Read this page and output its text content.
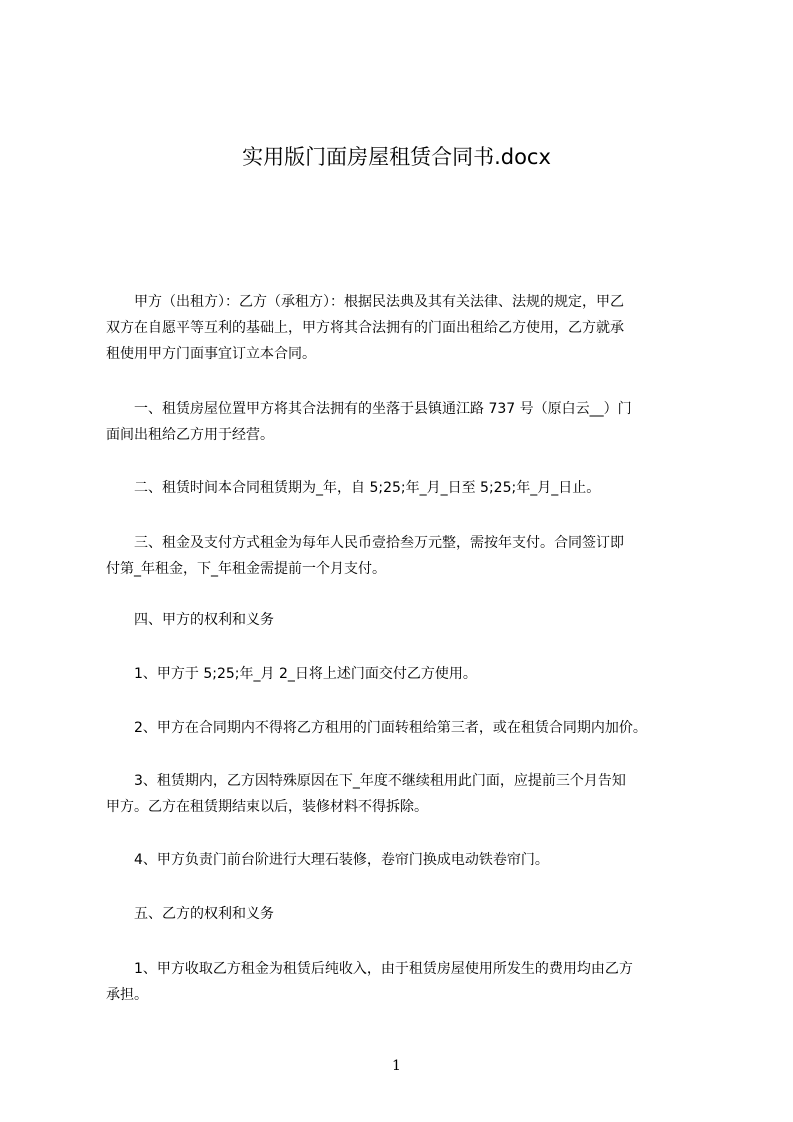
实用版门面房屋租赁合同书.docx
　　甲方（出租方）：乙方（承租方）：根据民法典及其有关法律、法规的规定，甲乙
双方在自愿平等互利的基础上，甲方将其合法拥有的门面出租给乙方使用，乙方就承
租使用甲方门面事宜订立本合同。
　　一、租赁房屋位置甲方将其合法拥有的坐落于县镇通江路 737 号（原白云__）门
面间出租给乙方用于经营。
　　二、租赁时间本合同租赁期为_年，自 5;25;年_月_日至 5;25;年_月_日止。
　　三、租金及支付方式租金为每年人民币壹拾叁万元整，需按年支付。合同签订即
付第_年租金，下_年租金需提前一个月支付。
　　四、甲方的权利和义务
　　1、甲方于 5;25;年_月 2_日将上述门面交付乙方使用。
　　2、甲方在合同期内不得将乙方租用的门面转租给第三者，或在租赁合同期内加价。
　　3、租赁期内，乙方因特殊原因在下_年度不继续租用此门面，应提前三个月告知
甲方。乙方在租赁期结束以后，装修材料不得拆除。
　　4、甲方负责门前台阶进行大理石装修，卷帘门换成电动铁卷帘门。
　　五、乙方的权利和义务
　　1、甲方收取乙方租金为租赁后纯收入，由于租赁房屋使用所发生的费用均由乙方
承担。
1
